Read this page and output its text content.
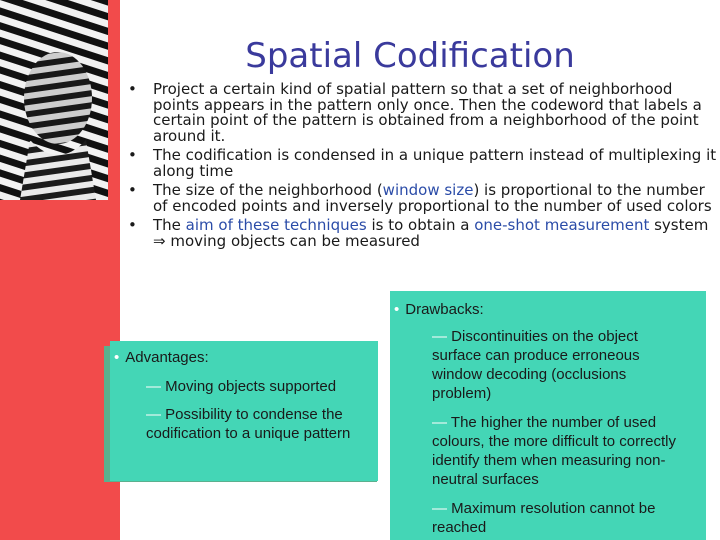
Spatial Codification
• Project a certain kind of spatial pattern so that a set of neighborhood points appears in the pattern only once. Then the codeword that labels a certain point of the pattern is obtained from a neighborhood of the point around it.
• The codification is condensed in a unique pattern instead of multiplexing it along time
• The size of the neighborhood (window size) is proportional to the number of encoded points and inversely proportional to the number of used colors
• The aim of these techniques is to obtain a one-shot measurement system ⇒ moving objects can be measured
• Advantages:
— Moving objects supported
— Possibility to condense the codification to a unique pattern
• Drawbacks:
— Discontinuities on the object surface can produce erroneous window decoding (occlusions problem)
— The higher the number of used colours, the more difficult to correctly identify them when measuring non-neutral surfaces
— Maximum resolution cannot be reached
